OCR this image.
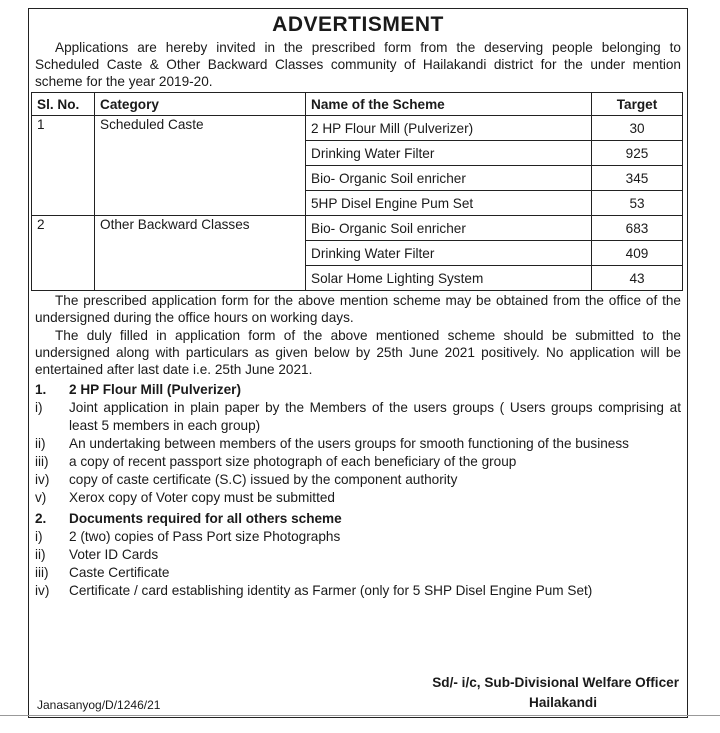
ADVERTISMENT
Applications are hereby invited in the prescribed form from the deserving people belonging to Scheduled Caste & Other Backward Classes community of Hailakandi district for the under mention scheme for the year 2019-20.
Sl. No.	Category	Name of the Scheme	Target
1	Scheduled Caste	2 HP Flour Mill (Pulverizer)	30
		Drinking Water Filter	925
		Bio- Organic Soil enricher	345
		5HP Disel Engine Pum Set	53
2	Other Backward Classes	Bio- Organic Soil enricher	683
		Drinking Water Filter	409
		Solar Home Lighting System	43
The prescribed application form for the above mention scheme may be obtained from the office of the undersigned during the office hours on working days.
The duly filled in application form of the above mentioned scheme should be submitted to the undersigned along with particulars as given below by 25th June 2021 positively. No application will be entertained after last date i.e. 25th June 2021.
1.	2 HP Flour Mill (Pulverizer)
i)	Joint application in plain paper by the Members of the users groups ( Users groups comprising at least 5 members in each group)
ii)	An undertaking between members of the users groups for smooth functioning of the business
iii)	a copy of recent passport size photograph of each beneficiary of the group
iv)	copy of caste certificate (S.C) issued by the component authority
v)	Xerox copy of Voter copy must be submitted
2.	Documents required for all others scheme
i)	2 (two) copies of Pass Port size Photographs
ii)	Voter ID Cards
iii)	Caste Certificate
iv)	Certificate / card establishing identity as Farmer (only for 5 SHP Disel Engine Pum Set)
Sd/- i/c, Sub-Divisional Welfare Officer
Janasanyog/D/1246/21	Hailakandi
